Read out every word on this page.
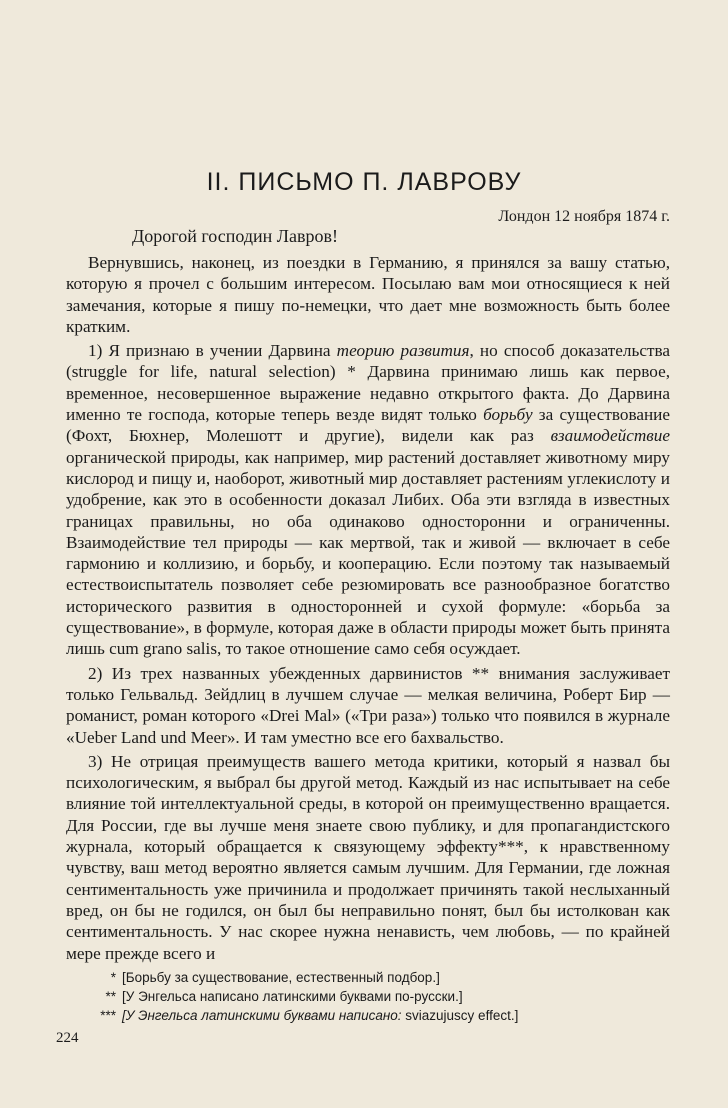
II. ПИСЬМО П. ЛАВРОВУ

Лондон 12 ноября 1874 г.

Дорогой господин Лавров!

Вернувшись, наконец, из поездки в Германию, я принялся за вашу статью, которую я прочел с большим интересом. Посылаю вам мои относящиеся к ней замечания, которые я пишу по-немецки, что дает мне возможность быть более кратким.

1) Я признаю в учении Дарвина теорию развития, но способ доказательства (struggle for life, natural selection) * Дарвина принимаю лишь как первое, временное, несовершенное выражение недавно открытого факта. До Дарвина именно те господа, которые теперь везде видят только борьбу за существование (Фохт, Бюхнер, Молешотт и другие), видели как раз взаимодействие органической природы, как например, мир растений доставляет животному миру кислород и пищу и, наоборот, животный мир доставляет растениям углекислоту и удобрение, как это в особенности доказал Либих. Оба эти взгляда в известных границах правильны, но оба одинаково односторонни и ограниченны. Взаимодействие тел природы — как мертвой, так и живой — включает в себе гармонию и коллизию, и борьбу, и кооперацию. Если поэтому так называемый естествоиспытатель позволяет себе резюмировать все разнообразное богатство исторического развития в односторонней и сухой формуле: «борьба за существование», в формуле, которая даже в области природы может быть принята лишь cum grano salis, то такое отношение само себя осуждает.

2) Из трех названных убежденных дарвинистов ** внимания заслуживает только Гельвальд. Зейдлиц в лучшем случае — мелкая величина, Роберт Бир — романист, роман которого «Drei Mal» («Три раза») только что появился в журнале «Ueber Land und Meer». И там уместно все его бахвальство.

3) Не отрицая преимуществ вашего метода критики, который я назвал бы психологическим, я выбрал бы другой метод. Каждый из нас испытывает на себе влияние той интеллектуальной среды, в которой он преимущественно вращается. Для России, где вы лучше меня знаете свою публику, и для пропагандистского журнала, который обращается к связующему эффекту***, к нравственному чувству, ваш метод вероятно является самым лучшим. Для Германии, где ложная сентиментальность уже причинила и продолжает причинять такой неслыханный вред, он бы не годился, он был бы неправильно понят, был бы истолкован как сентиментальность. У нас скорее нужна ненависть, чем любовь, — по крайней мере прежде всего и

* [Борьбу за существование, естественный подбор.]
** [У Энгельса написано латинскими буквами по-русски.]
*** [У Энгельса латинскими буквами написано: sviazujuscy effect.]

224
